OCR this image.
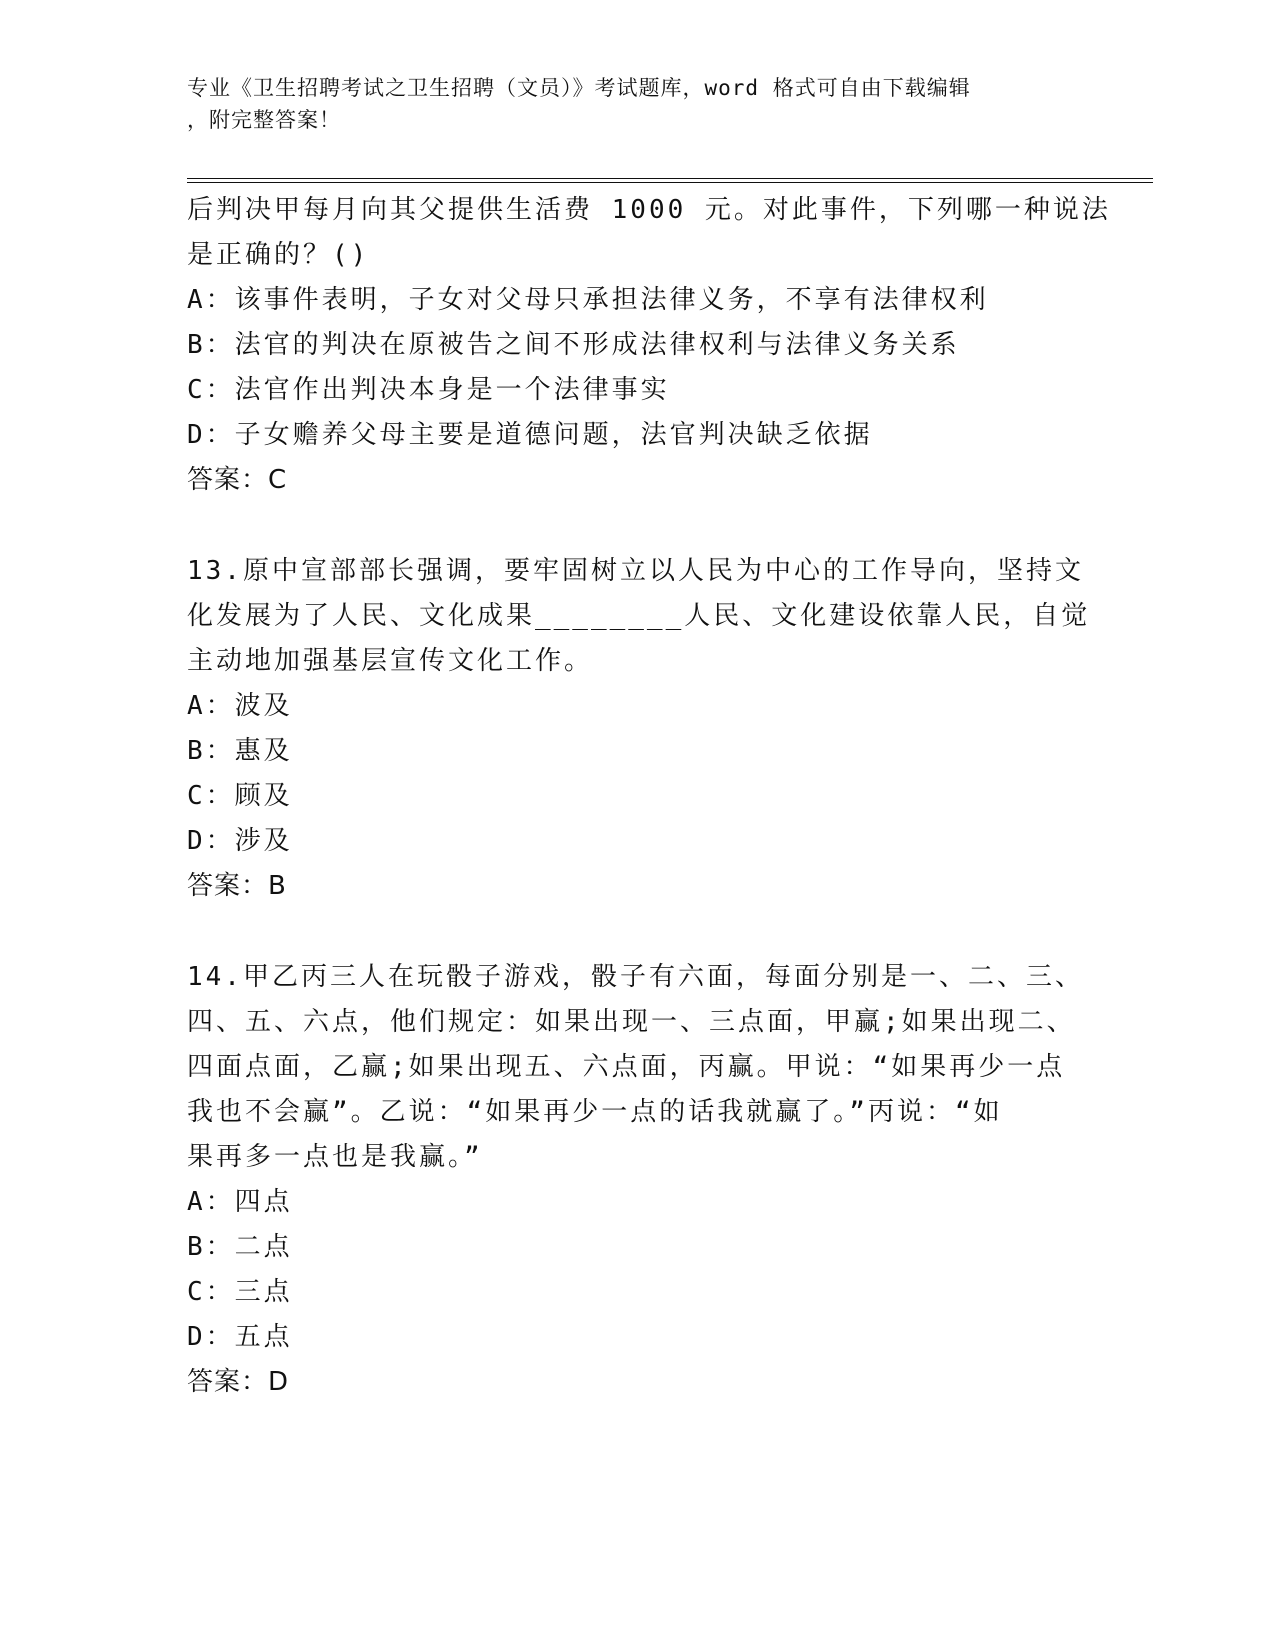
专业《卫生招聘考试之卫生招聘（文员）》考试题库，word 格式可自由下载编辑
，附完整答案！
后判决甲每月向其父提供生活费 1000 元。对此事件，下列哪一种说法
是正确的？()
A：该事件表明，子女对父母只承担法律义务，不享有法律权利
B：法官的判决在原被告之间不形成法律权利与法律义务关系
C：法官作出判决本身是一个法律事实
D：子女赡养父母主要是道德问题，法官判决缺乏依据
答案：C
13.原中宣部部长强调，要牢固树立以人民为中心的工作导向，坚持文
化发展为了人民、文化成果________人民、文化建设依靠人民，自觉
主动地加强基层宣传文化工作。
A：波及
B：惠及
C：顾及
D：涉及
答案：B
14.甲乙丙三人在玩骰子游戏，骰子有六面，每面分别是一、二、三、
四、五、六点，他们规定：如果出现一、三点面，甲赢;如果出现二、
四面点面，乙赢;如果出现五、六点面，丙赢。甲说：“如果再少一点
我也不会赢”。乙说：“如果再少一点的话我就赢了。”丙说：“如
果再多一点也是我赢。”
A：四点
B：二点
C：三点
D：五点
答案：D
